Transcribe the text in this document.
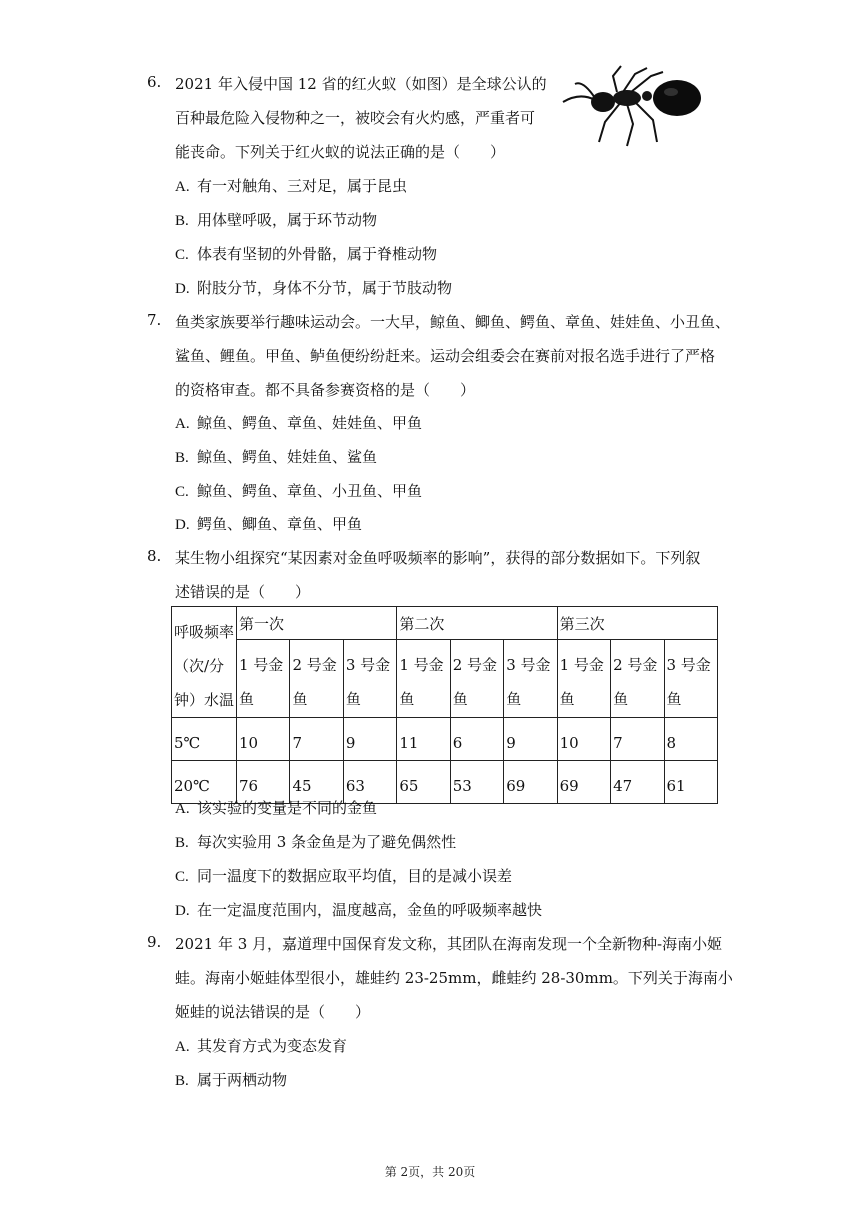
6. 2021 年入侵中国 12 省的红火蚁（如图）是全球公认的
百种最危险入侵物种之一，被咬会有火灼感，严重者可
能丧命。下列关于红火蚁的说法正确的是（　　）
A. 有一对触角、三对足，属于昆虫
B. 用体壁呼吸，属于环节动物
C. 体表有坚韧的外骨骼，属于脊椎动物
D. 附肢分节，身体不分节，属于节肢动物
7. 鱼类家族要举行趣味运动会。一大早，鲸鱼、鲫鱼、鳄鱼、章鱼、娃娃鱼、小丑鱼、
鲨鱼、鲤鱼。甲鱼、鲈鱼便纷纷赶来。运动会组委会在赛前对报名选手进行了严格
的资格审查。都不具备参赛资格的是（　　）
A. 鲸鱼、鳄鱼、章鱼、娃娃鱼、甲鱼
B. 鲸鱼、鳄鱼、娃娃鱼、鲨鱼
C. 鲸鱼、鳄鱼、章鱼、小丑鱼、甲鱼
D. 鳄鱼、鲫鱼、章鱼、甲鱼
8. 某生物小组探究“某因素对金鱼呼吸频率的影响”，获得的部分数据如下。下列叙
述错误的是（　　）
呼吸频率
（次/分
钟）水温	第一次			第二次			第三次		
	1 号金鱼	2 号金鱼	3 号金鱼	1 号金鱼	2 号金鱼	3 号金鱼	1 号金鱼	2 号金鱼	3 号金鱼
5℃	10	7	9	11	6	9	10	7	8
20℃	76	45	63	65	53	69	69	47	61
A. 该实验的变量是不同的金鱼
B. 每次实验用 3 条金鱼是为了避免偶然性
C. 同一温度下的数据应取平均值，目的是减小误差
D. 在一定温度范围内，温度越高，金鱼的呼吸频率越快
9. 2021 年 3 月，嘉道理中国保育发文称，其团队在海南发现一个全新物种-海南小姬
蛙。海南小姬蛙体型很小，雄蛙约 23-25mm，雌蛙约 28-30mm。下列关于海南小
姬蛙的说法错误的是（　　）
A. 其发育方式为变态发育
B. 属于两栖动物
第 2页，共 20页
